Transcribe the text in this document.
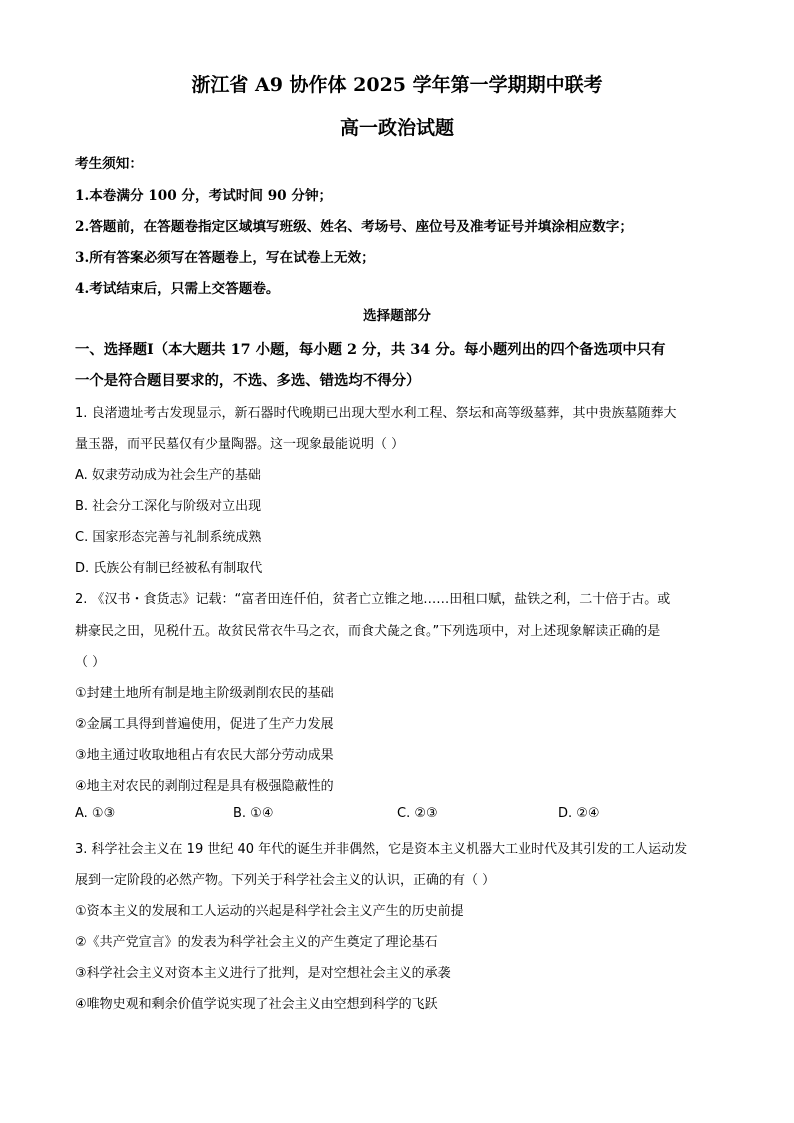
浙江省 A9 协作体 2025 学年第一学期期中联考
高一政治试题
考生须知：
1.本卷满分 100 分，考试时间 90 分钟；
2.答题前，在答题卷指定区域填写班级、姓名、考场号、座位号及准考证号并填涂相应数字；
3.所有答案必须写在答题卷上，写在试卷上无效；
4.考试结束后，只需上交答题卷。
选择题部分
一、选择题Ⅰ（本大题共 17 小题，每小题 2 分，共 34 分。每小题列出的四个备选项中只有
一个是符合题目要求的，不选、多选、错选均不得分）
1. 良渚遗址考古发现显示，新石器时代晚期已出现大型水利工程、祭坛和高等级墓葬，其中贵族墓随葬大
量玉器，而平民墓仅有少量陶器。这一现象最能说明（ ）
A. 奴隶劳动成为社会生产的基础
B. 社会分工深化与阶级对立出现
C. 国家形态完善与礼制系统成熟
D. 氏族公有制已经被私有制取代
2. 《汉书・食货志》记载：“富者田连仟伯，贫者亡立锥之地……田租口赋，盐铁之利，二十倍于古。或
耕豪民之田，见税什五。故贫民常衣牛马之衣，而食犬彘之食。”下列选项中，对上述现象解读正确的是
（ ）
①封建土地所有制是地主阶级剥削农民的基础
②金属工具得到普遍使用，促进了生产力发展
③地主通过收取地租占有农民大部分劳动成果
④地主对农民的剥削过程是具有极强隐蔽性的
A. ①③	B. ①④	C. ②③	D. ②④
3. 科学社会主义在 19 世纪 40 年代的诞生并非偶然，它是资本主义机器大工业时代及其引发的工人运动发
展到一定阶段的必然产物。下列关于科学社会主义的认识，正确的有（ ）
①资本主义的发展和工人运动的兴起是科学社会主义产生的历史前提
②《共产党宣言》的发表为科学社会主义的产生奠定了理论基石
③科学社会主义对资本主义进行了批判，是对空想社会主义的承袭
④唯物史观和剩余价值学说实现了社会主义由空想到科学的飞跃
